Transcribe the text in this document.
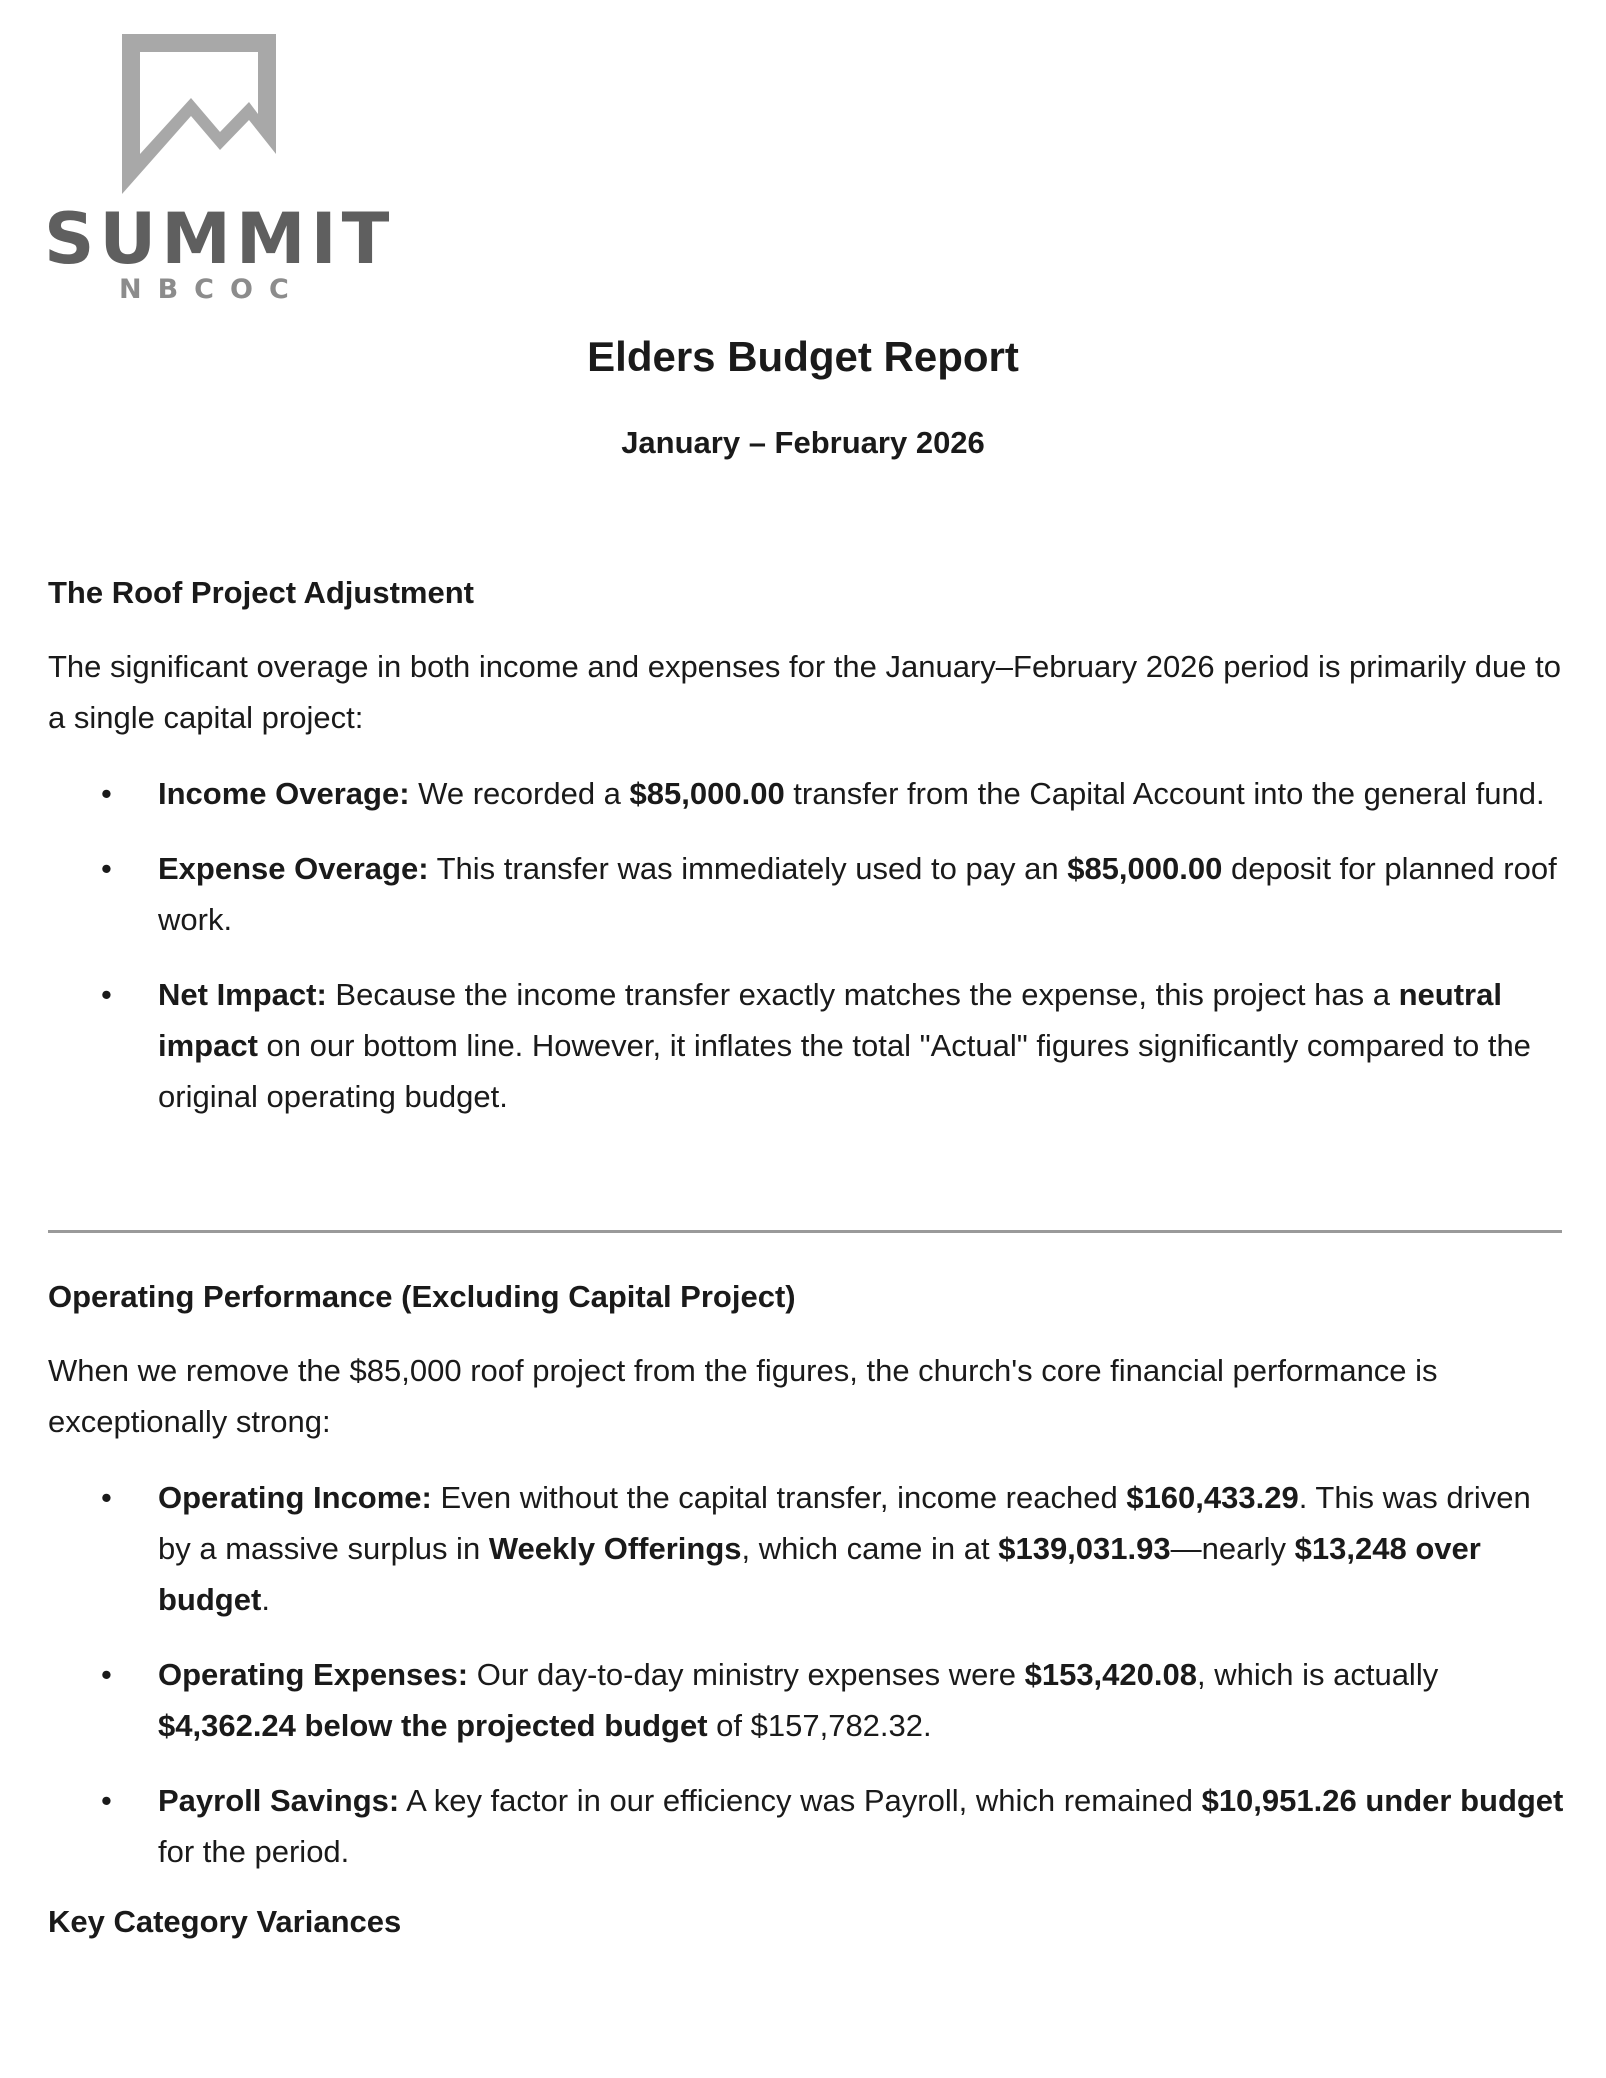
SUMMIT
NBCOC
Elders Budget Report
January – February 2026
The Roof Project Adjustment

The significant overage in both income and expenses for the January–February 2026 period is primarily due to a single capital project:

• Income Overage: We recorded a $85,000.00 transfer from the Capital Account into the general fund.
• Expense Overage: This transfer was immediately used to pay an $85,000.00 deposit for planned roof work.
• Net Impact: Because the income transfer exactly matches the expense, this project has a neutral impact on our bottom line. However, it inflates the total "Actual" figures significantly compared to the original operating budget.
Operating Performance (Excluding Capital Project)

When we remove the $85,000 roof project from the figures, the church's core financial performance is exceptionally strong:

• Operating Income: Even without the capital transfer, income reached $160,433.29. This was driven by a massive surplus in Weekly Offerings, which came in at $139,031.93—nearly $13,248 over budget.
• Operating Expenses: Our day-to-day ministry expenses were $153,420.08, which is actually $4,362.24 below the projected budget of $157,782.32.
• Payroll Savings: A key factor in our efficiency was Payroll, which remained $10,951.26 under budget for the period.
Key Category Variances
